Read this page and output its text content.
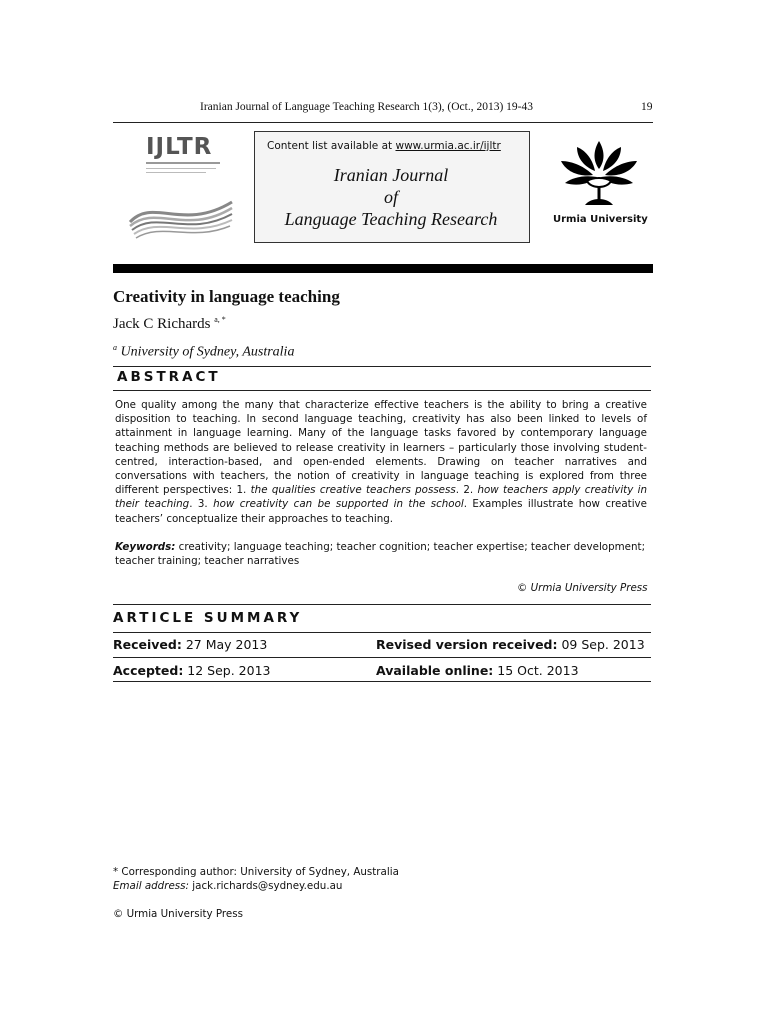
Iranian Journal of Language Teaching Research 1(3), (Oct., 2013) 19-43	19
IJLTR	Content list available at www.urmia.ac.ir/ijltr
Iranian Journal
of
Language Teaching Research	Urmia University
Creativity in language teaching
Jack C Richards $^{a, *}$
$^a$ University of Sydney, Australia
ABSTRACT
One quality among the many that characterize effective teachers is the ability to bring a creative disposition to teaching. In second language teaching, creativity has also been linked to levels of attainment in language learning. Many of the language tasks favored by contemporary language teaching methods are believed to release creativity in learners – particularly those involving student-centred, interaction-based, and open-ended elements. Drawing on teacher narratives and conversations with teachers, the notion of creativity in language teaching is explored from three different perspectives: 1. the qualities creative teachers possess. 2. how teachers apply creativity in their teaching. 3. how creativity can be supported in the school. Examples illustrate how creative teachers’ conceptualize their approaches to teaching.
Keywords: creativity; language teaching; teacher cognition; teacher expertise; teacher development; teacher training; teacher narratives
© Urmia University Press
ARTICLE SUMMARY
Received: 27 May 2013	Revised version received: 09 Sep. 2013
Accepted: 12 Sep. 2013	Available online: 15 Oct. 2013
* Corresponding author: University of Sydney, Australia
Email address: jack.richards@sydney.edu.au
© Urmia University Press
